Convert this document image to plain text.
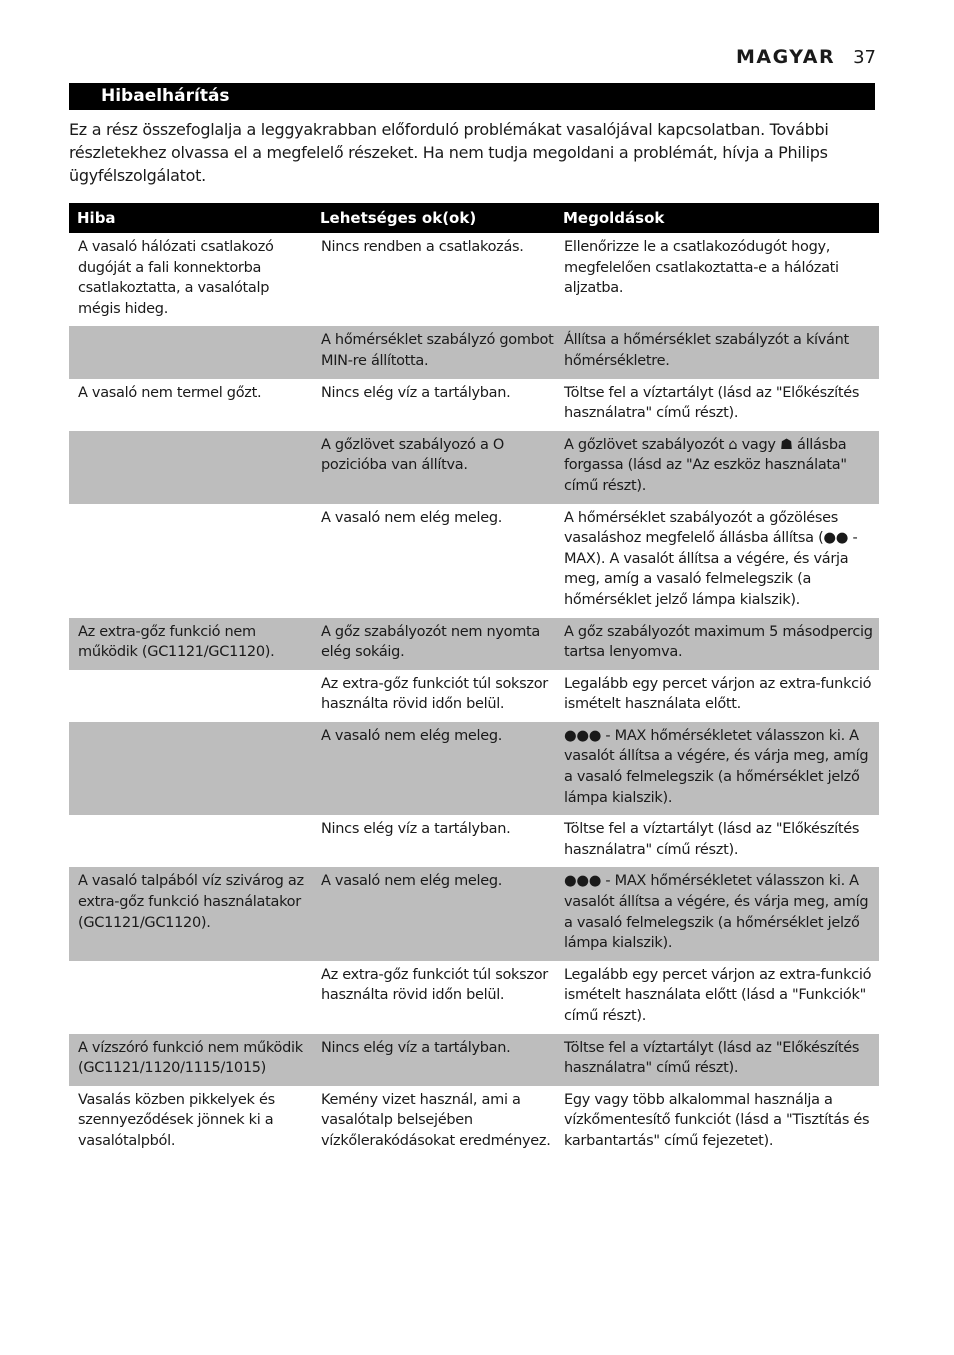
MAGYAR 37
Hibaelhárítás

Ez a rész összefoglalja a leggyakrabban előforduló problémákat vasalójával kapcsolatban. További részletekhez olvassa el a megfelelő részeket. Ha nem tudja megoldani a problémát, hívja a Philips ügyfélszolgálatot.

Hiba	Lehetséges ok(ok)	Megoldások
A vasaló hálózati csatlakozó dugóját a fali konnektorba csatlakoztatta, a vasalótalp mégis hideg.	Nincs rendben a csatlakozás.	Ellenőrizze le a csatlakozódugót hogy, megfelelően csatlakoztatta-e a hálózati aljzatba.
	A hőmérséklet szabályzó gombot MIN-re állította.	Állítsa a hőmérséklet szabályzót a kívánt hőmérsékletre.
A vasaló nem termel gőzt.	Nincs elég víz a tartályban.	Töltse fel a víztartályt (lásd az "Előkészítés használatra" című részt).
	A gőzlövet szabályozó a O pozicióba van állítva.	A gőzlövet szabályozót ⌂ vagy ☗ állásba forgassa (lásd az "Az eszköz használata" című részt).
	A vasaló nem elég meleg.	A hőmérséklet szabályozót a gőzöléses vasaláshoz megfelelő állásba állítsa (●● - MAX). A vasalót állítsa a végére, és várja meg, amíg a vasaló felmelegszik (a hőmérséklet jelző lámpa kialszik).
Az extra-gőz funkció nem működik (GC1121/GC1120).	A gőz szabályozót nem nyomta elég sokáig.	A gőz szabályozót maximum 5 másodpercig tartsa lenyomva.
	Az extra-gőz funkciót túl sokszor használta rövid időn belül.	Legalább egy percet várjon az extra-funkció ismételt használata előtt.
	A vasaló nem elég meleg.	●●● - MAX hőmérsékletet válasszon ki. A vasalót állítsa a végére, és várja meg, amíg a vasaló felmelegszik (a hőmérséklet jelző lámpa kialszik).
	Nincs elég víz a tartályban.	Töltse fel a víztartályt (lásd az "Előkészítés használatra" című részt).
A vasaló talpából víz szivárog az extra-gőz funkció használatakor (GC1121/GC1120).	A vasaló nem elég meleg.	●●● - MAX hőmérsékletet válasszon ki. A vasalót állítsa a végére, és várja meg, amíg a vasaló felmelegszik (a hőmérséklet jelző lámpa kialszik).
	Az extra-gőz funkciót túl sokszor használta rövid időn belül.	Legalább egy percet várjon az extra-funkció ismételt használata előtt (lásd a "Funkciók" című részt).
A vízszóró funkció nem működik (GC1121/1120/1115/1015)	Nincs elég víz a tartályban.	Töltse fel a víztartályt (lásd az "Előkészítés használatra" című részt).
Vasalás közben pikkelyek és szennyeződések jönnek ki a vasalótalpból.	Kemény vizet használ, ami a vasalótalp belsejében vízkőlerakódásokat eredményez.	Egy vagy több alkalommal használja a vízkőmentesítő funkciót (lásd a "Tisztítás és karbantartás" című fejezetet).
